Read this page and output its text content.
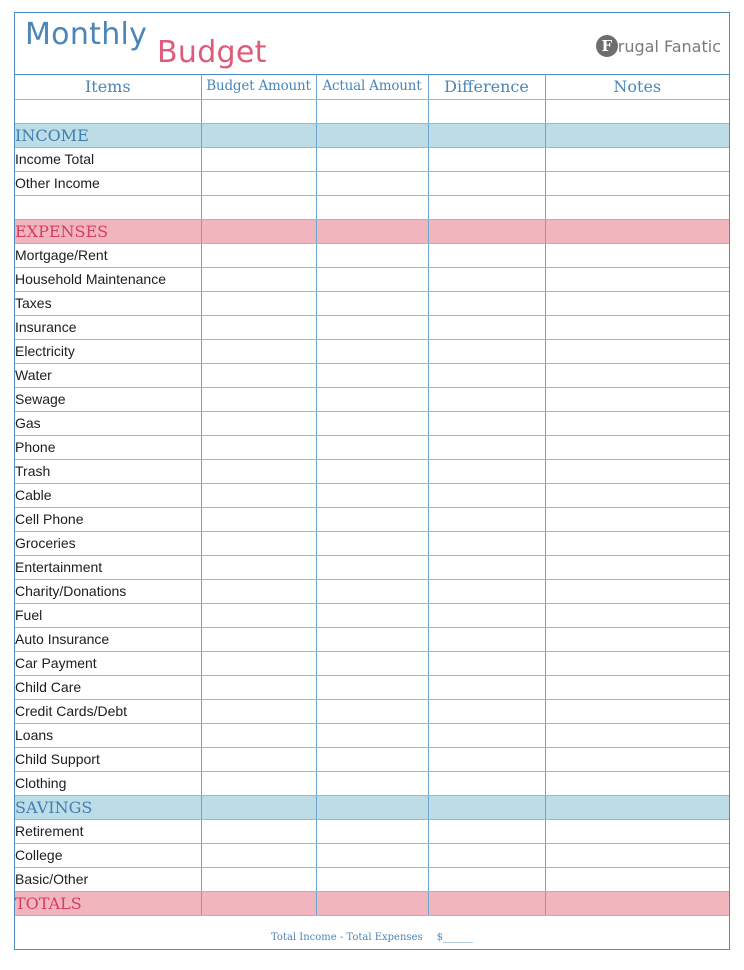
Monthly
Budget	F rugal Fanatic
Items	Budget Amount	Actual Amount	Difference	Notes

INCOME				
Income Total				
Other Income				

EXPENSES				
Mortgage/Rent				
Household Maintenance				
Taxes				
Insurance				
Electricity				
Water				
Sewage				
Gas				
Phone				
Trash				
Cable				
Cell Phone				
Groceries				
Entertainment				
Charity/Donations				
Fuel				
Auto Insurance				
Car Payment				
Child Care				
Credit Cards/Debt				
Loans				
Child Support				
Clothing				
SAVINGS				
Retirement				
College				
Basic/Other				
TOTALS				
Total Income - Total Expenses $______
